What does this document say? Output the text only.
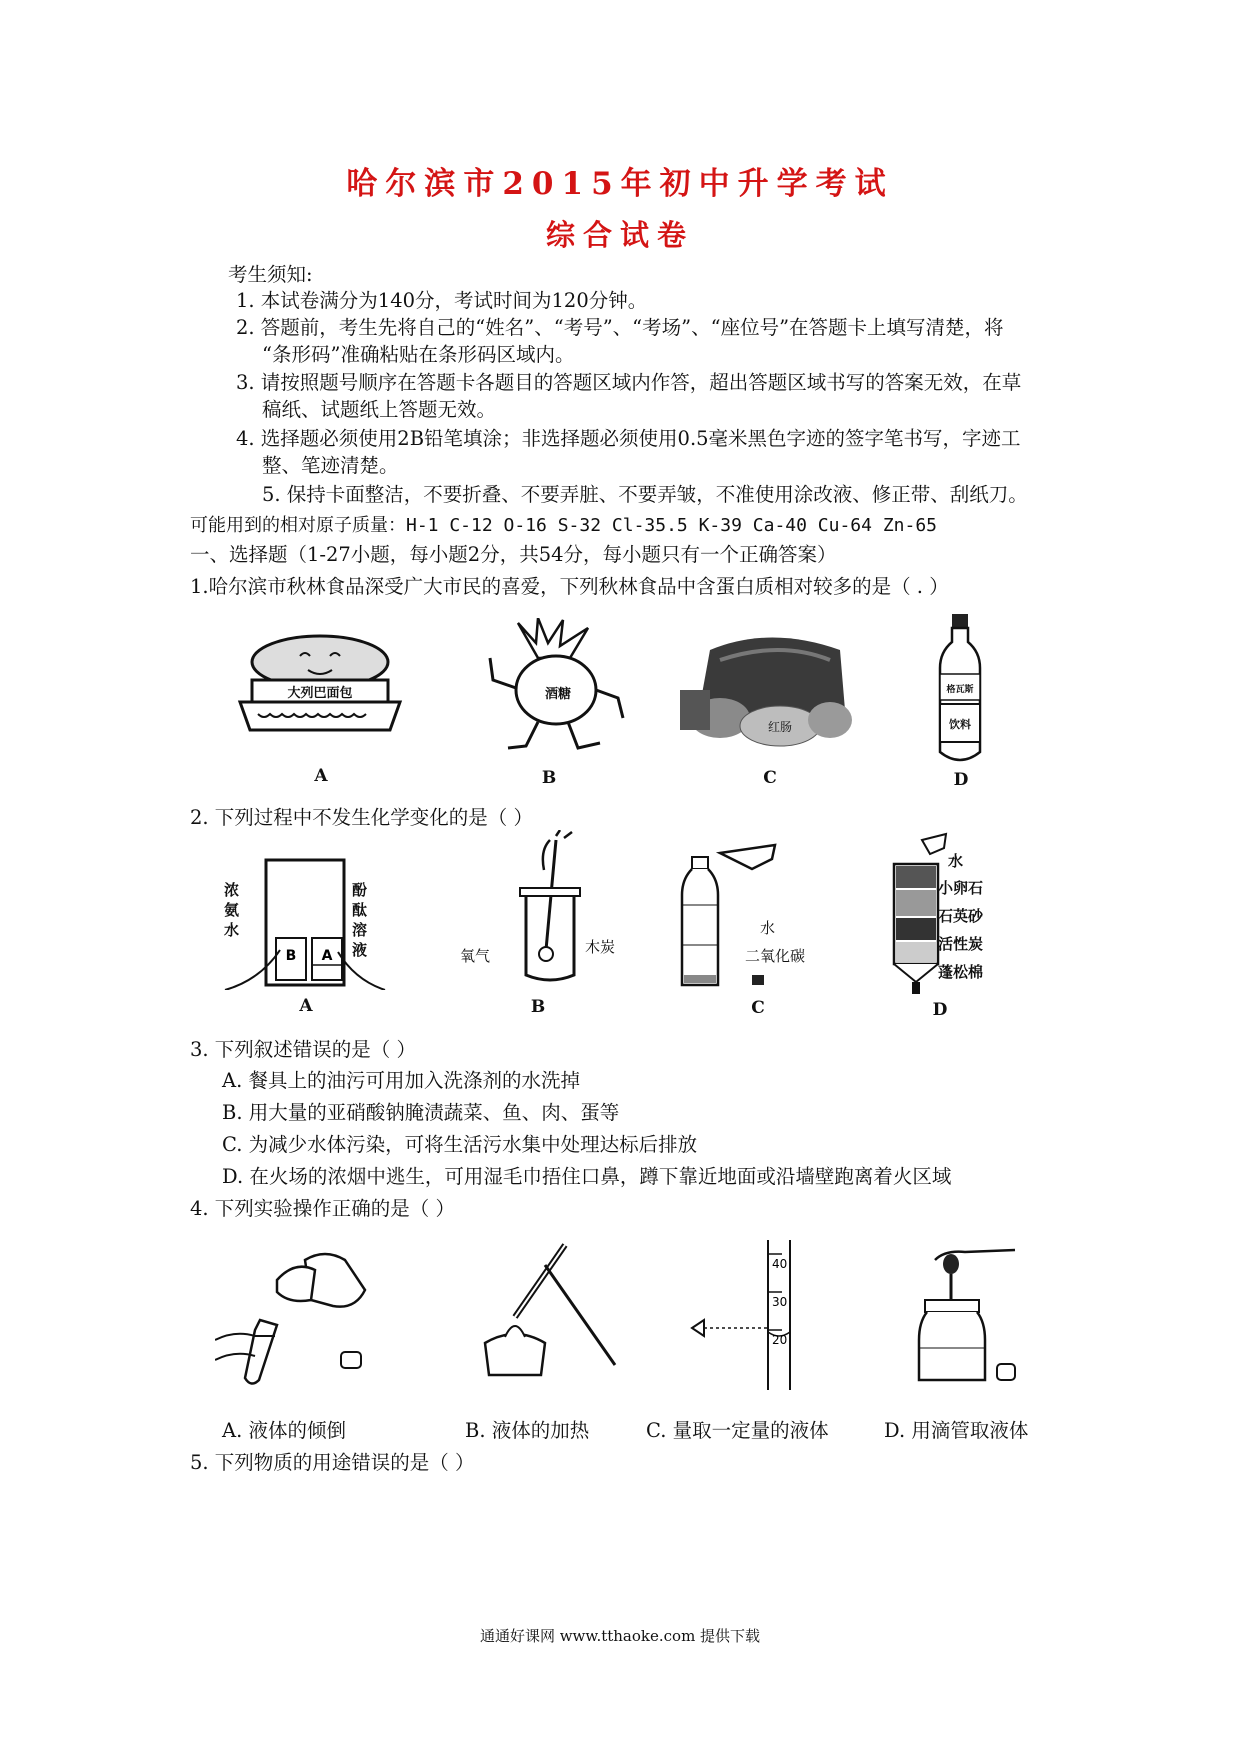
哈尔滨市2015年初中升学考试
综合试卷
考生须知:
1. 本试卷满分为140分，考试时间为120分钟。
2. 答题前，考生先将自己的“姓名”、“考号”、“考场”、“座位号”在答题卡上填写清楚，将
“条形码”准确粘贴在条形码区域内。
3. 请按照题号顺序在答题卡各题目的答题区域内作答，超出答题区域书写的答案无效，在草
稿纸、试题纸上答题无效。
4. 选择题必须使用2B铅笔填涂；非选择题必须使用0.5毫米黑色字迹的签字笔书写，字迹工
整、笔迹清楚。
5. 保持卡面整洁，不要折叠、不要弄脏、不要弄皱，不准使用涂改液、修正带、刮纸刀。
可能用到的相对原子质量：H-1 C-12 O-16 S-32 Cl-35.5 K-39 Ca-40 Cu-64 Zn-65
一、选择题（1-27小题，每小题2分，共54分，每小题只有一个正确答案）
1.哈尔滨市秋林食品深受广大市民的喜爱，下列秋林食品中含蛋白质相对较多的是（ . ）
大列巴面包
A
酒糖
B
红肠
C
格瓦斯
饮料
D
2. 下列过程中不发生化学变化的是（ ）
B A
浓氨水
酚酞溶液
A
氧气	木炭
B
水
二氧化碳
C
水
小卵石
石英砂
活性炭
蓬松棉
D
3. 下列叙述错误的是（ ）
A. 餐具上的油污可用加入洗涤剂的水洗掉
B. 用大量的亚硝酸钠腌渍蔬菜、鱼、肉、蛋等
C. 为减少水体污染，可将生活污水集中处理达标后排放
D. 在火场的浓烟中逃生，可用湿毛巾捂住口鼻，蹲下靠近地面或沿墙壁跑离着火区域
4. 下列实验操作正确的是（ ）
40
30
20
A. 液体的倾倒	B. 液体的加热	C. 量取一定量的液体	D. 用滴管取液体
5. 下列物质的用途错误的是（ ）
通通好课网 www.tthaoke.com 提供下载
